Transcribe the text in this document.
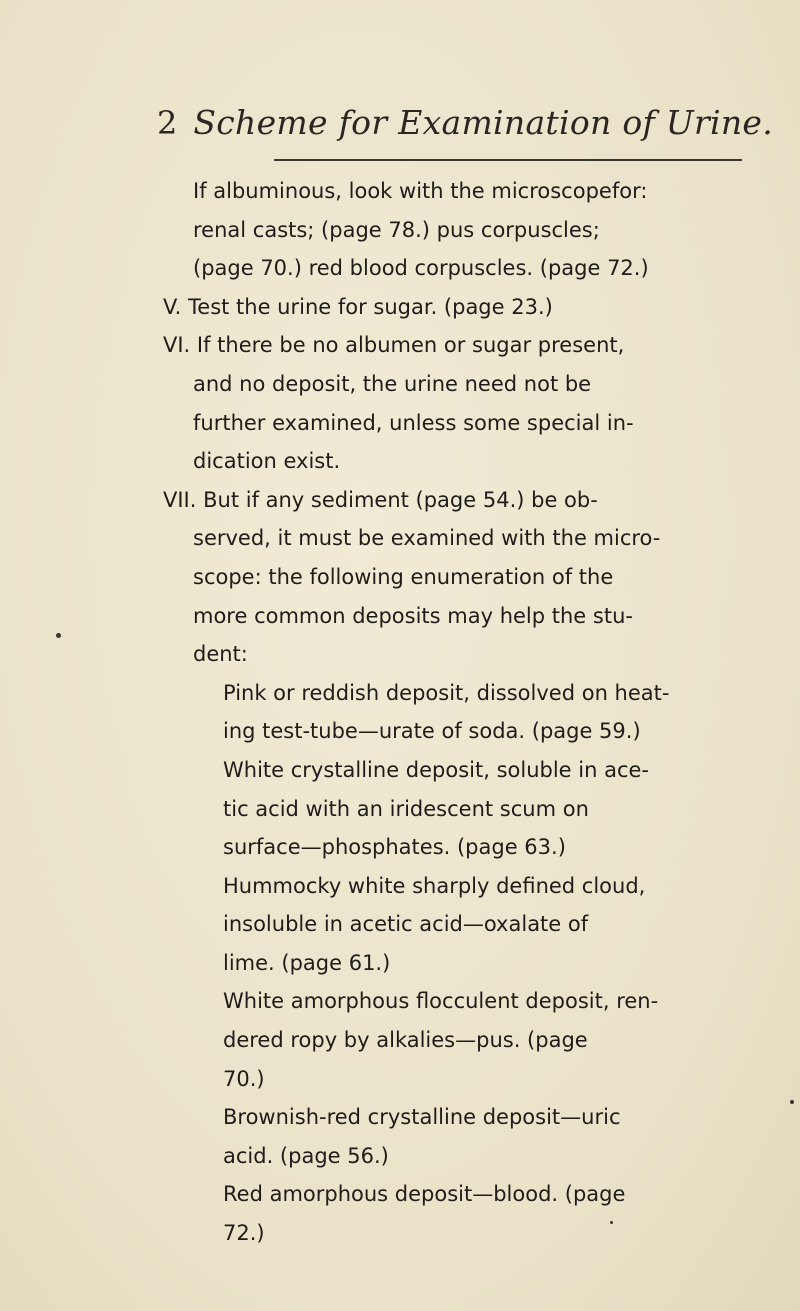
2 Scheme for Examination of Urine.
If albuminous, look with the microscopefor:
renal casts; (page 78.) pus corpuscles;
(page 70.) red blood corpuscles. (page 72.)
V. Test the urine for sugar. (page 23.)
VI. If there be no albumen or sugar present,
and no deposit, the urine need not be
further examined, unless some special in-
dication exist.
VII. But if any sediment (page 54.) be ob-
served, it must be examined with the micro-
scope: the following enumeration of the
more common deposits may help the stu-
dent:
Pink or reddish deposit, dissolved on heat-
ing test-tube—urate of soda. (page 59.)
White crystalline deposit, soluble in ace-
tic acid with an iridescent scum on
surface—phosphates. (page 63.)
Hummocky white sharply defined cloud,
insoluble in acetic acid—oxalate of
lime. (page 61.)
White amorphous flocculent deposit, ren-
dered ropy by alkalies—pus. (page
70.)
Brownish-red crystalline deposit—uric
acid. (page 56.)
Red amorphous deposit—blood. (page
72.)
